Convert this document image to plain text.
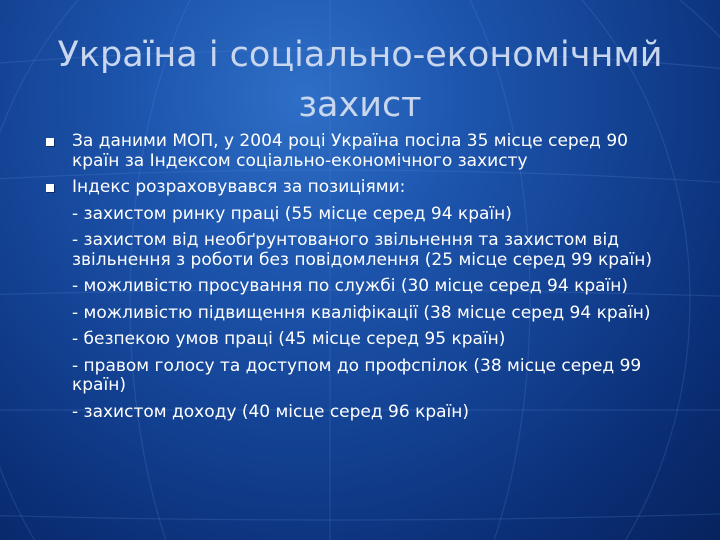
Україна і соціально-економічнмй захист
За даними МОП, у 2004 році Україна посіла 35 місце серед 90 країн за Індексом соціально-економічного захисту
Індекс розраховувався за позиціями:
- захистом ринку праці (55 місце серед 94 країн)
- захистом від необґрунтованого звільнення та захистом від звільнення з роботи без повідомлення (25 місце серед 99 країн)
- можливістю просування по службі (30 місце серед 94 країн)
- можливістю підвищення кваліфікації (38 місце серед 94 країн)
- безпекою умов праці (45 місце серед 95 країн)
- правом голосу та доступом до профспілок (38 місце серед 99 країн)
- захистом доходу (40 місце серед 96 країн)
